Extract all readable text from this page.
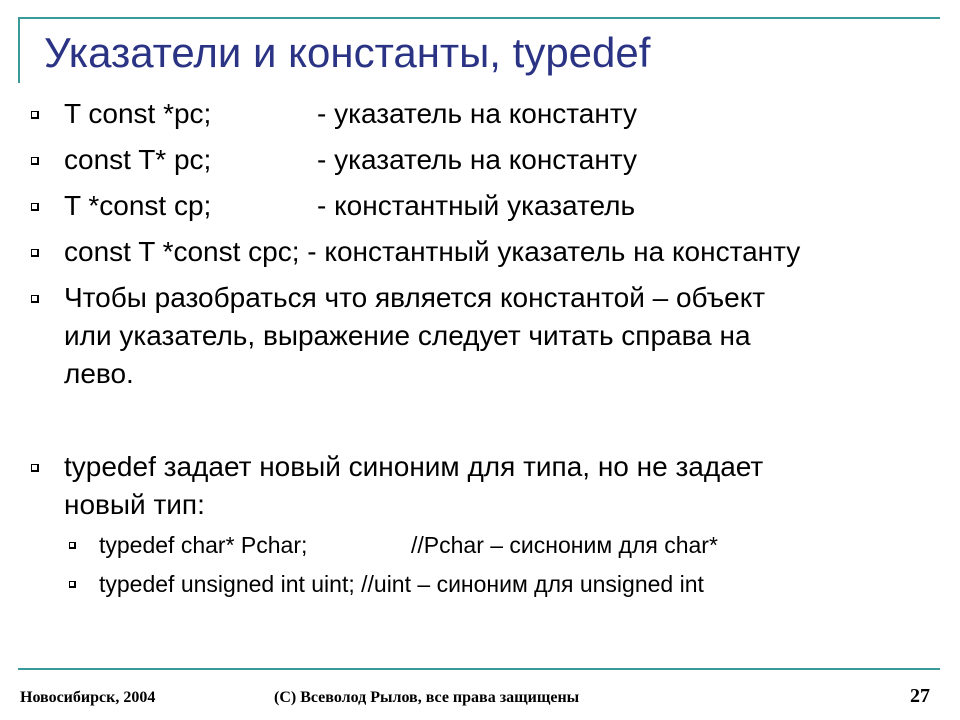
Указатели и константы, typedef
T const *pc;	- указатель на константу
const T* pc;	- указатель на константу
T *const cp;	- константный указатель
const T *const cpc; - константный указатель на константу
Чтобы разобраться что является константой – объект
или указатель, выражение следует читать справа на
лево.
typedef задает новый синоним для типа, но не задает
новый тип:
typedef char* Pchar;	//Pchar – сисноним для char*
typedef unsigned int uint; //uint – синоним для unsigned int
Новосибирск, 2004	(С) Всеволод Рылов, все права защищены	27
